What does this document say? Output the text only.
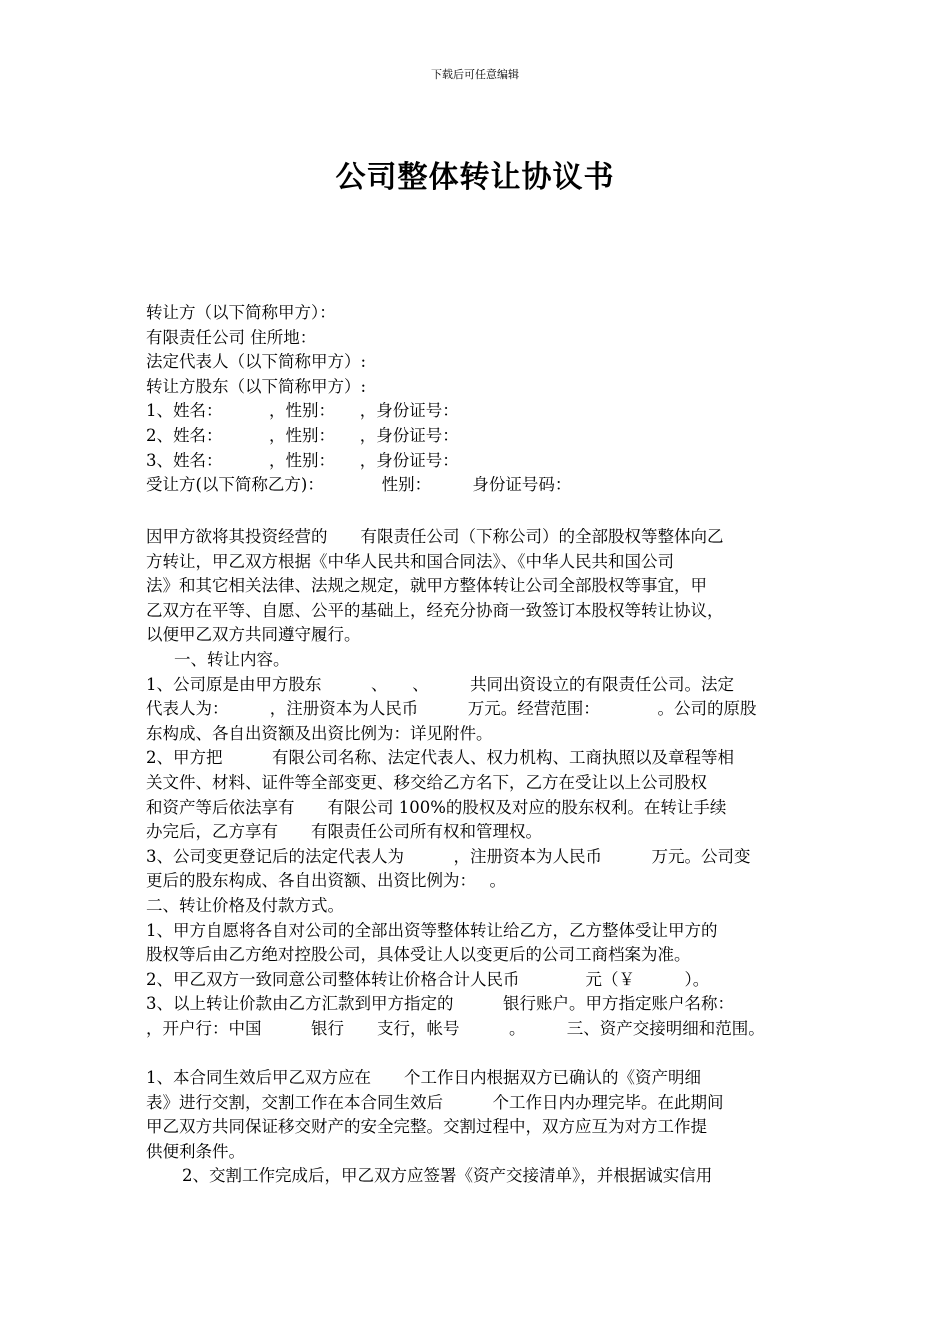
下载后可任意编辑
公司整体转让协议书
转让方（以下简称甲方）：
有限责任公司 住所地：
法定代表人（以下简称甲方）:
转让方股东（以下简称甲方）:
1、姓名：　　　 ，性别：　　，身份证号：
2、姓名：　　　 ，性别：　　，身份证号：
3、姓名：　　　 ，性别：　　，身份证号：
受让方(以下简称乙方)：　　　　性别：　　　身份证号码：
因甲方欲将其投资经营的　　有限责任公司（下称公司）的全部股权等整体向乙
方转让，甲乙双方根据《中华人民共和国合同法》、《中华人民共和国公司
法》和其它相关法律、法规之规定，就甲方整体转让公司全部股权等事宜，甲
乙双方在平等、自愿、公平的基础上，经充分协商一致签订本股权等转让协议，
以便甲乙双方共同遵守履行。
一、转让内容。
1、公司原是由甲方股东　　　、　　、　　　共同出资设立的有限责任公司。法定
代表人为：　　　，注册资本为人民币　　　万元。经营范围：　　　　。公司的原股
东构成、各自出资额及出资比例为：详见附件。
2、甲方把　　　有限公司名称、法定代表人、权力机构、工商执照以及章程等相
关文件、材料、证件等全部变更、移交给乙方名下，乙方在受让以上公司股权
和资产等后依法享有　　有限公司 100%的股权及对应的股东权利。在转让手续
办完后，乙方享有　　有限责任公司所有权和管理权。
3、公司变更登记后的法定代表人为　　　，注册资本为人民币　　　万元。公司变
更后的股东构成、各自出资额、出资比例为：　 。
二、转让价格及付款方式。
1、甲方自愿将各自对公司的全部出资等整体转让给乙方，乙方整体受让甲方的
股权等后由乙方绝对控股公司，具体受让人以变更后的公司工商档案为准。
2、甲乙双方一致同意公司整体转让价格合计人民币　　　　元（￥　　　）。
3、以上转让价款由乙方汇款到甲方指定的　　　银行账户。甲方指定账户名称：
，开户行：中国　　　银行　　支行，帐号　　　。　　　三、资产交接明细和范围。
1、本合同生效后甲乙双方应在　　个工作日内根据双方已确认的《资产明细
表》进行交割，交割工作在本合同生效后　　　个工作日内办理完毕。在此期间
甲乙双方共同保证移交财产的安全完整。交割过程中，双方应互为对方工作提
供便利条件。
2、交割工作完成后，甲乙双方应签署《资产交接清单》，并根据诚实信用
